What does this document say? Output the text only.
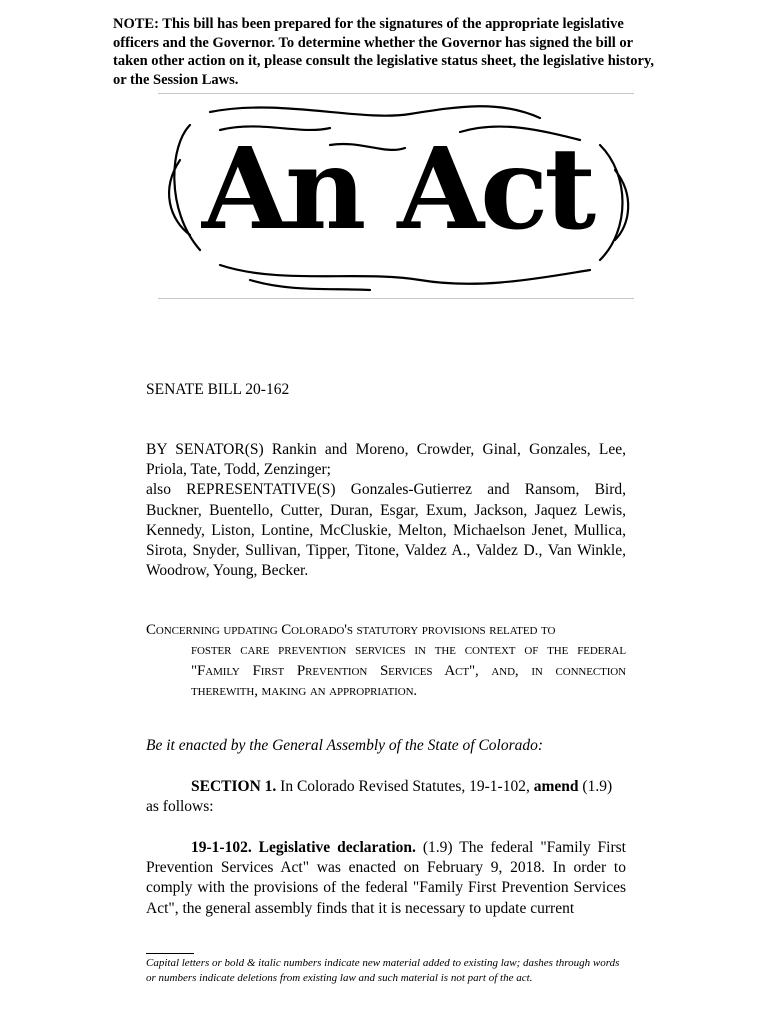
NOTE: This bill has been prepared for the signatures of the appropriate legislative officers and the Governor. To determine whether the Governor has signed the bill or taken other action on it, please consult the legislative status sheet, the legislative history, or the Session Laws.
An Act
SENATE BILL 20-162

BY SENATOR(S) Rankin and Moreno, Crowder, Ginal, Gonzales, Lee, Priola, Tate, Todd, Zenzinger;

also REPRESENTATIVE(S) Gonzales-Gutierrez and Ransom, Bird, Buckner, Buentello, Cutter, Duran, Esgar, Exum, Jackson, Jaquez Lewis, Kennedy, Liston, Lontine, McCluskie, Melton, Michaelson Jenet, Mullica, Sirota, Snyder, Sullivan, Tipper, Titone, Valdez A., Valdez D., Van Winkle, Woodrow, Young, Becker.

Concerning updating Colorado's statutory provisions related to
foster care prevention services in the context of the federal "Family First Prevention Services Act", and, in connection therewith, making an appropriation.
Be it enacted by the General Assembly of the State of Colorado:
SECTION 1. In Colorado Revised Statutes, 19-1-102, amend (1.9) as follows:
19-1-102. Legislative declaration. (1.9) The federal "Family First Prevention Services Act" was enacted on February 9, 2018. In order to comply with the provisions of the federal "Family First Prevention Services Act", the general assembly finds that it is necessary to update current
Capital letters or bold & italic numbers indicate new material added to existing law; dashes through words or numbers indicate deletions from existing law and such material is not part of the act.
